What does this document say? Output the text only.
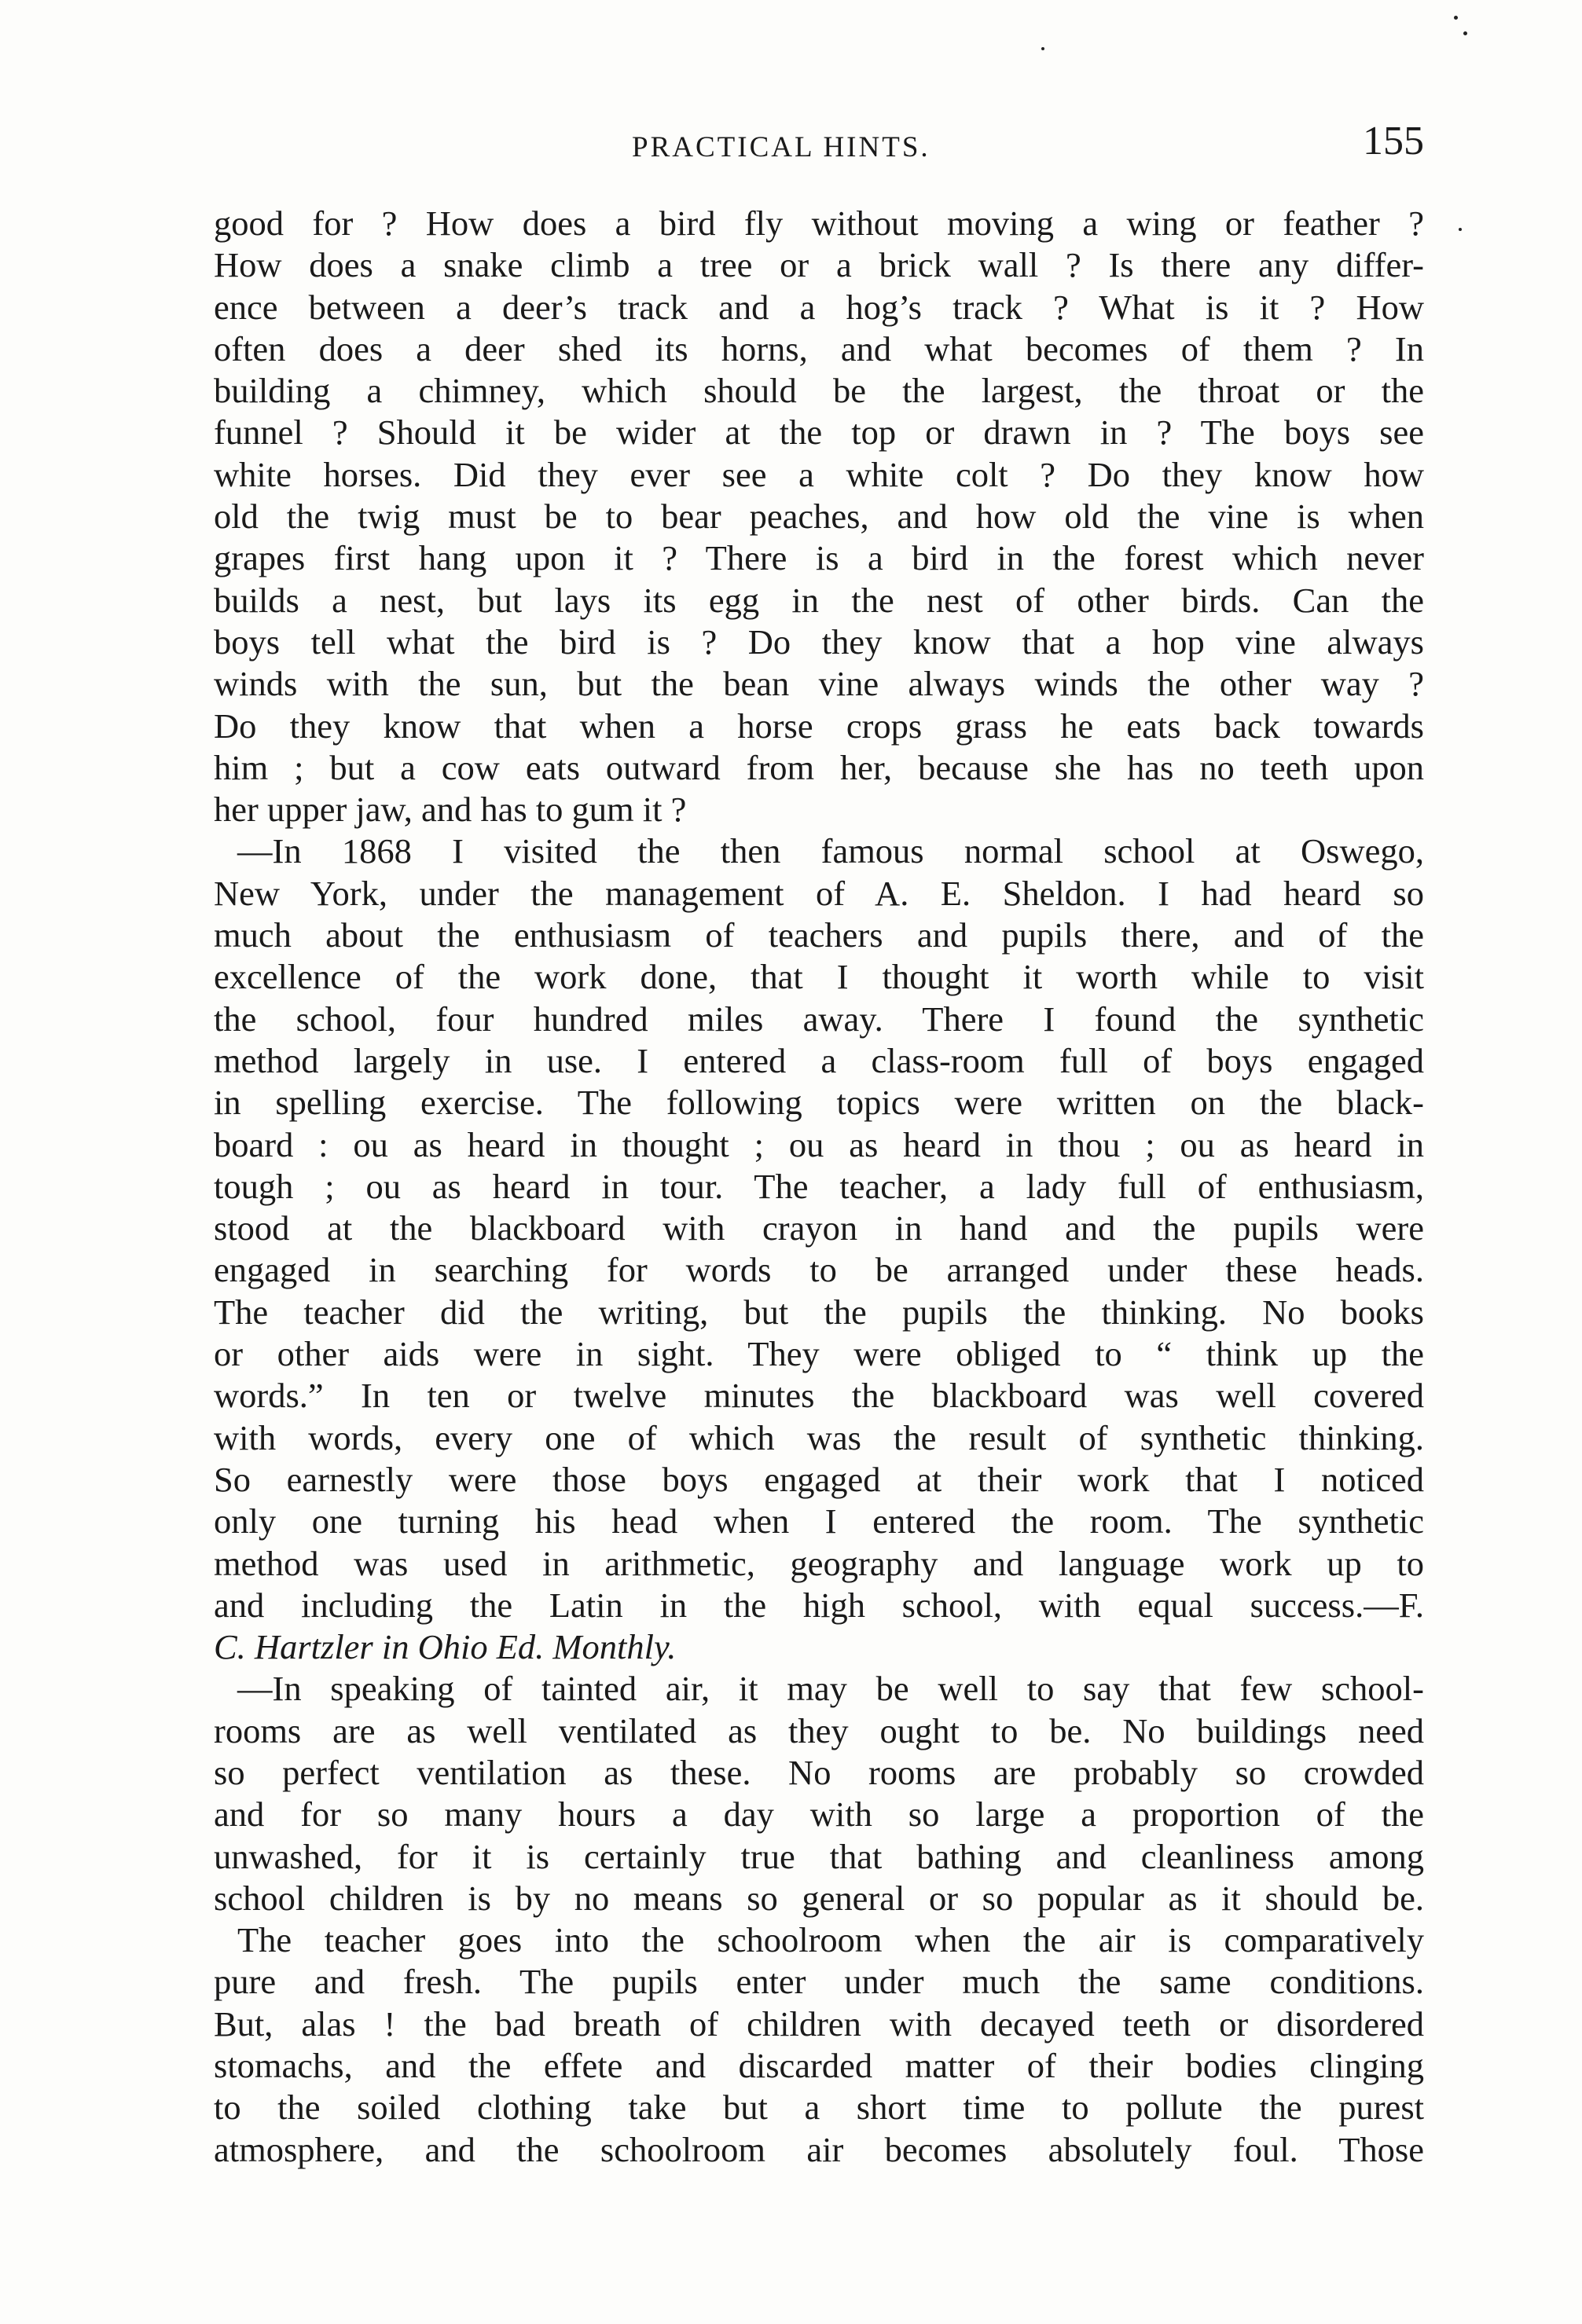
PRACTICAL HINTS.	155
good for ? How does a bird fly without moving a wing or feather ?
How does a snake climb a tree or a brick wall ? Is there any differ-
ence between a deer’s track and a hog’s track ? What is it ? How
often does a deer shed its horns, and what becomes of them ? In
building a chimney, which should be the largest, the throat or the
funnel ? Should it be wider at the top or drawn in ? The boys see
white horses. Did they ever see a white colt ? Do they know how
old the twig must be to bear peaches, and how old the vine is when
grapes first hang upon it ? There is a bird in the forest which never
builds a nest, but lays its egg in the nest of other birds. Can the
boys tell what the bird is ? Do they know that a hop vine always
winds with the sun, but the bean vine always winds the other way ?
Do they know that when a horse crops grass he eats back towards
him ; but a cow eats outward from her, because she has no teeth upon
her upper jaw, and has to gum it ?
—In 1868 I visited the then famous normal school at Oswego,
New York, under the management of A. E. Sheldon. I had heard so
much about the enthusiasm of teachers and pupils there, and of the
excellence of the work done, that I thought it worth while to visit
the school, four hundred miles away. There I found the synthetic
method largely in use. I entered a class-room full of boys engaged
in spelling exercise. The following topics were written on the black-
board : ou as heard in thought ; ou as heard in thou ; ou as heard in
tough ; ou as heard in tour. The teacher, a lady full of enthusiasm,
stood at the blackboard with crayon in hand and the pupils were
engaged in searching for words to be arranged under these heads.
The teacher did the writing, but the pupils the thinking. No books
or other aids were in sight. They were obliged to “ think up the
words.” In ten or twelve minutes the blackboard was well covered
with words, every one of which was the result of synthetic thinking.
So earnestly were those boys engaged at their work that I noticed
only one turning his head when I entered the room. The synthetic
method was used in arithmetic, geography and language work up to
and including the Latin in the high school, with equal success.—F.
C. Hartzler in Ohio Ed. Monthly.
—In speaking of tainted air, it may be well to say that few school-
rooms are as well ventilated as they ought to be. No buildings need
so perfect ventilation as these. No rooms are probably so crowded
and for so many hours a day with so large a proportion of the
unwashed, for it is certainly true that bathing and cleanliness among
school children is by no means so general or so popular as it should be.
The teacher goes into the schoolroom when the air is comparatively
pure and fresh. The pupils enter under much the same conditions.
But, alas ! the bad breath of children with decayed teeth or disordered
stomachs, and the effete and discarded matter of their bodies clinging
to the soiled clothing take but a short time to pollute the purest
atmosphere, and the schoolroom air becomes absolutely foul. Those
